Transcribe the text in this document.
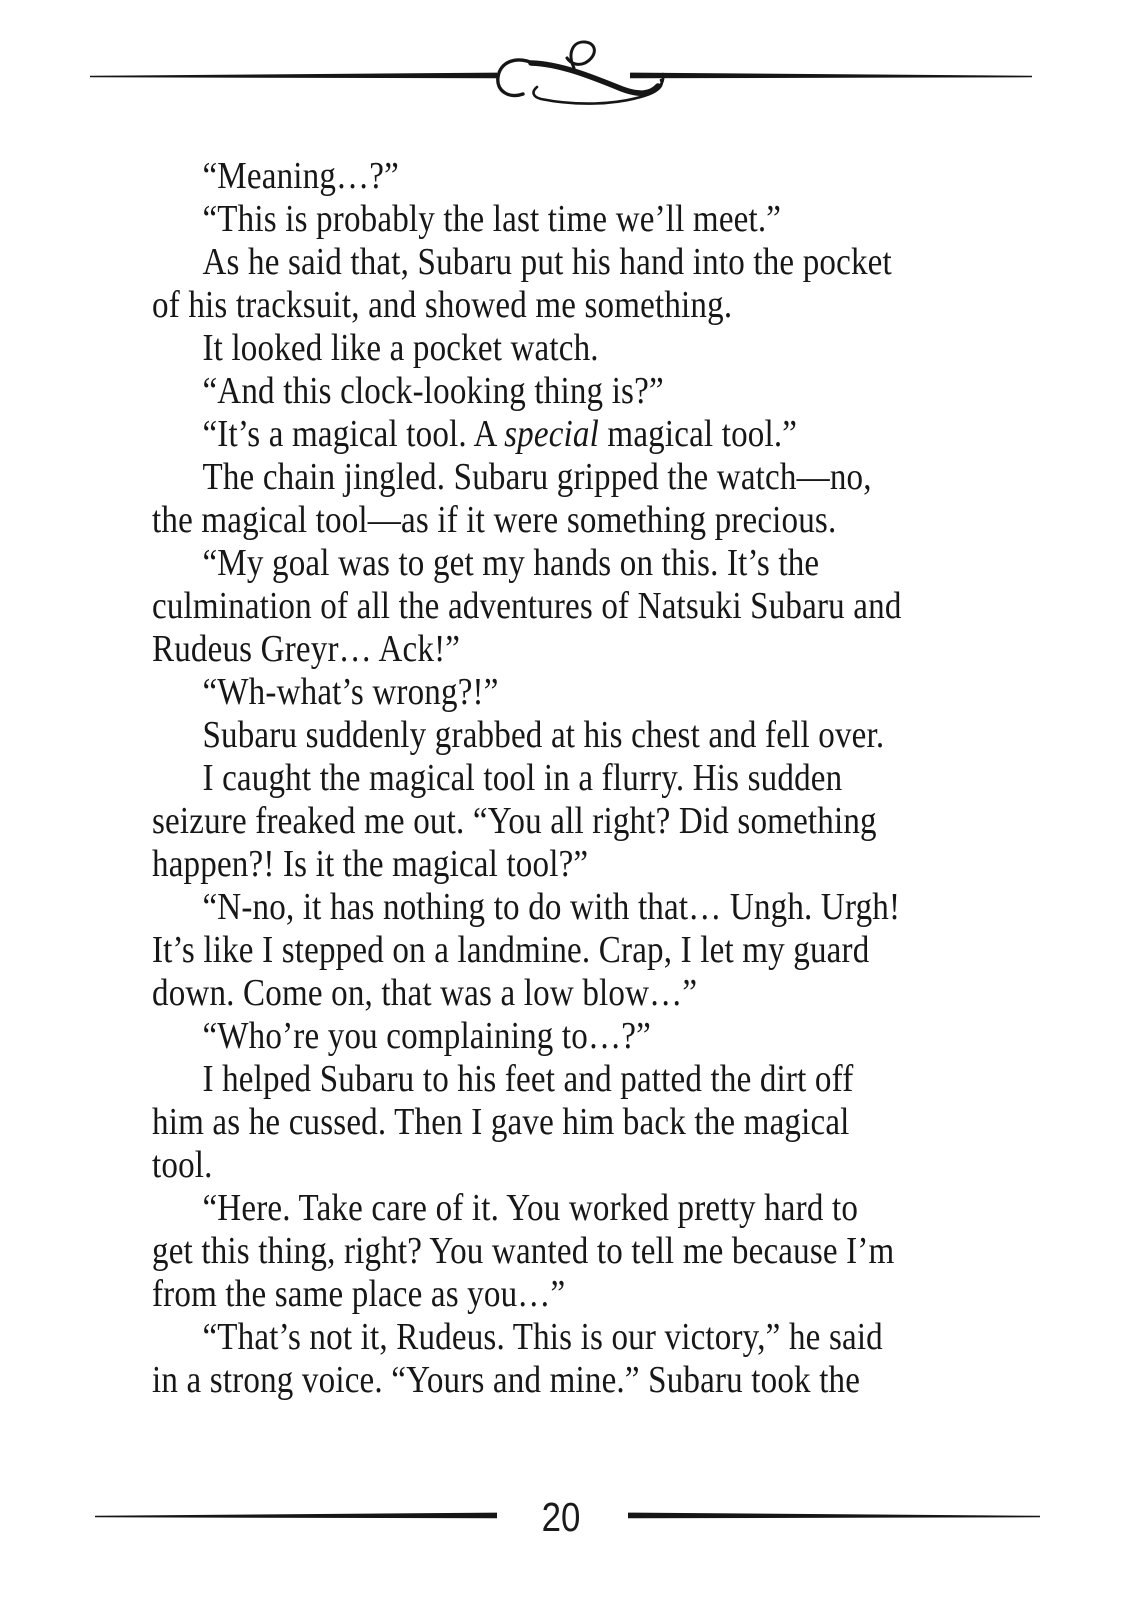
“Meaning…?”
“This is probably the last time we’ll meet.”
As he said that, Subaru put his hand into the pocket
of his tracksuit, and showed me something.
It looked like a pocket watch.
“And this clock-looking thing is?”
“It’s a magical tool. A special magical tool.”
The chain jingled. Subaru gripped the watch—no,
the magical tool—as if it were something precious.
“My goal was to get my hands on this. It’s the
culmination of all the adventures of Natsuki Subaru and
Rudeus Greyr… Ack!”
“Wh-what’s wrong?!”
Subaru suddenly grabbed at his chest and fell over.
I caught the magical tool in a flurry. His sudden
seizure freaked me out. “You all right? Did something
happen?! Is it the magical tool?”
“N-no, it has nothing to do with that… Ungh. Urgh!
It’s like I stepped on a landmine. Crap, I let my guard
down. Come on, that was a low blow…”
“Who’re you complaining to…?”
I helped Subaru to his feet and patted the dirt off
him as he cussed. Then I gave him back the magical
tool.
“Here. Take care of it. You worked pretty hard to
get this thing, right? You wanted to tell me because I’m
from the same place as you…”
“That’s not it, Rudeus. This is our victory,” he said
in a strong voice. “Yours and mine.” Subaru took the
20
